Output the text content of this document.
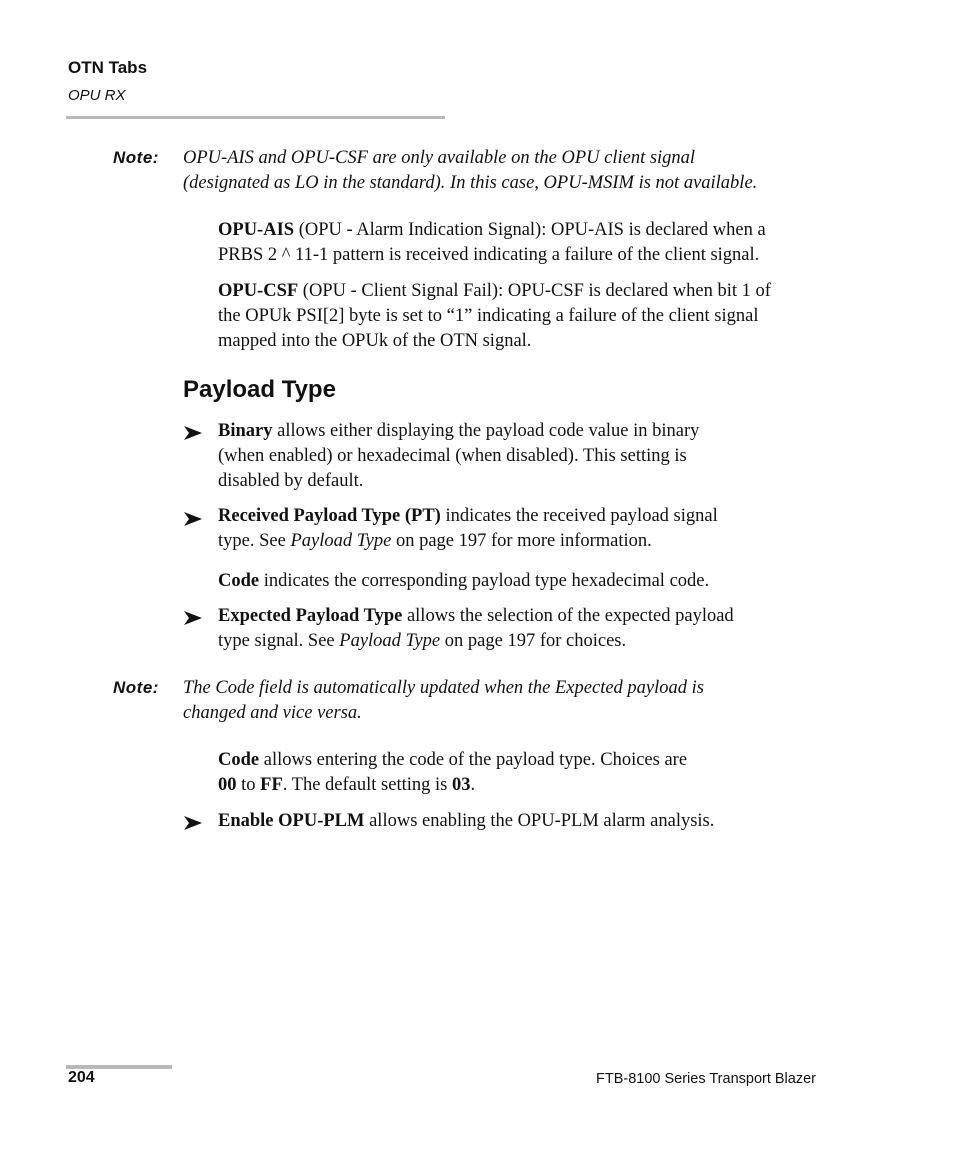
OTN Tabs
OPU RX
Note: OPU-AIS and OPU-CSF are only available on the OPU client signal
(designated as LO in the standard). In this case, OPU-MSIM is not available.
OPU-AIS (OPU - Alarm Indication Signal): OPU-AIS is declared when a
PRBS 2 ^ 11-1 pattern is received indicating a failure of the client signal.
OPU-CSF (OPU - Client Signal Fail): OPU-CSF is declared when bit 1 of
the OPUk PSI[2] byte is set to “1” indicating a failure of the client signal
mapped into the OPUk of the OTN signal.
Payload Type
Binary allows either displaying the payload code value in binary
(when enabled) or hexadecimal (when disabled). This setting is
disabled by default.
Received Payload Type (PT) indicates the received payload signal
type. See Payload Type on page 197 for more information.
Code indicates the corresponding payload type hexadecimal code.
Expected Payload Type allows the selection of the expected payload
type signal. See Payload Type on page 197 for choices.
Note: The Code field is automatically updated when the Expected payload is
changed and vice versa.
Code allows entering the code of the payload type. Choices are
00 to FF. The default setting is 03.
Enable OPU-PLM allows enabling the OPU-PLM alarm analysis.
204	FTB-8100 Series Transport Blazer
